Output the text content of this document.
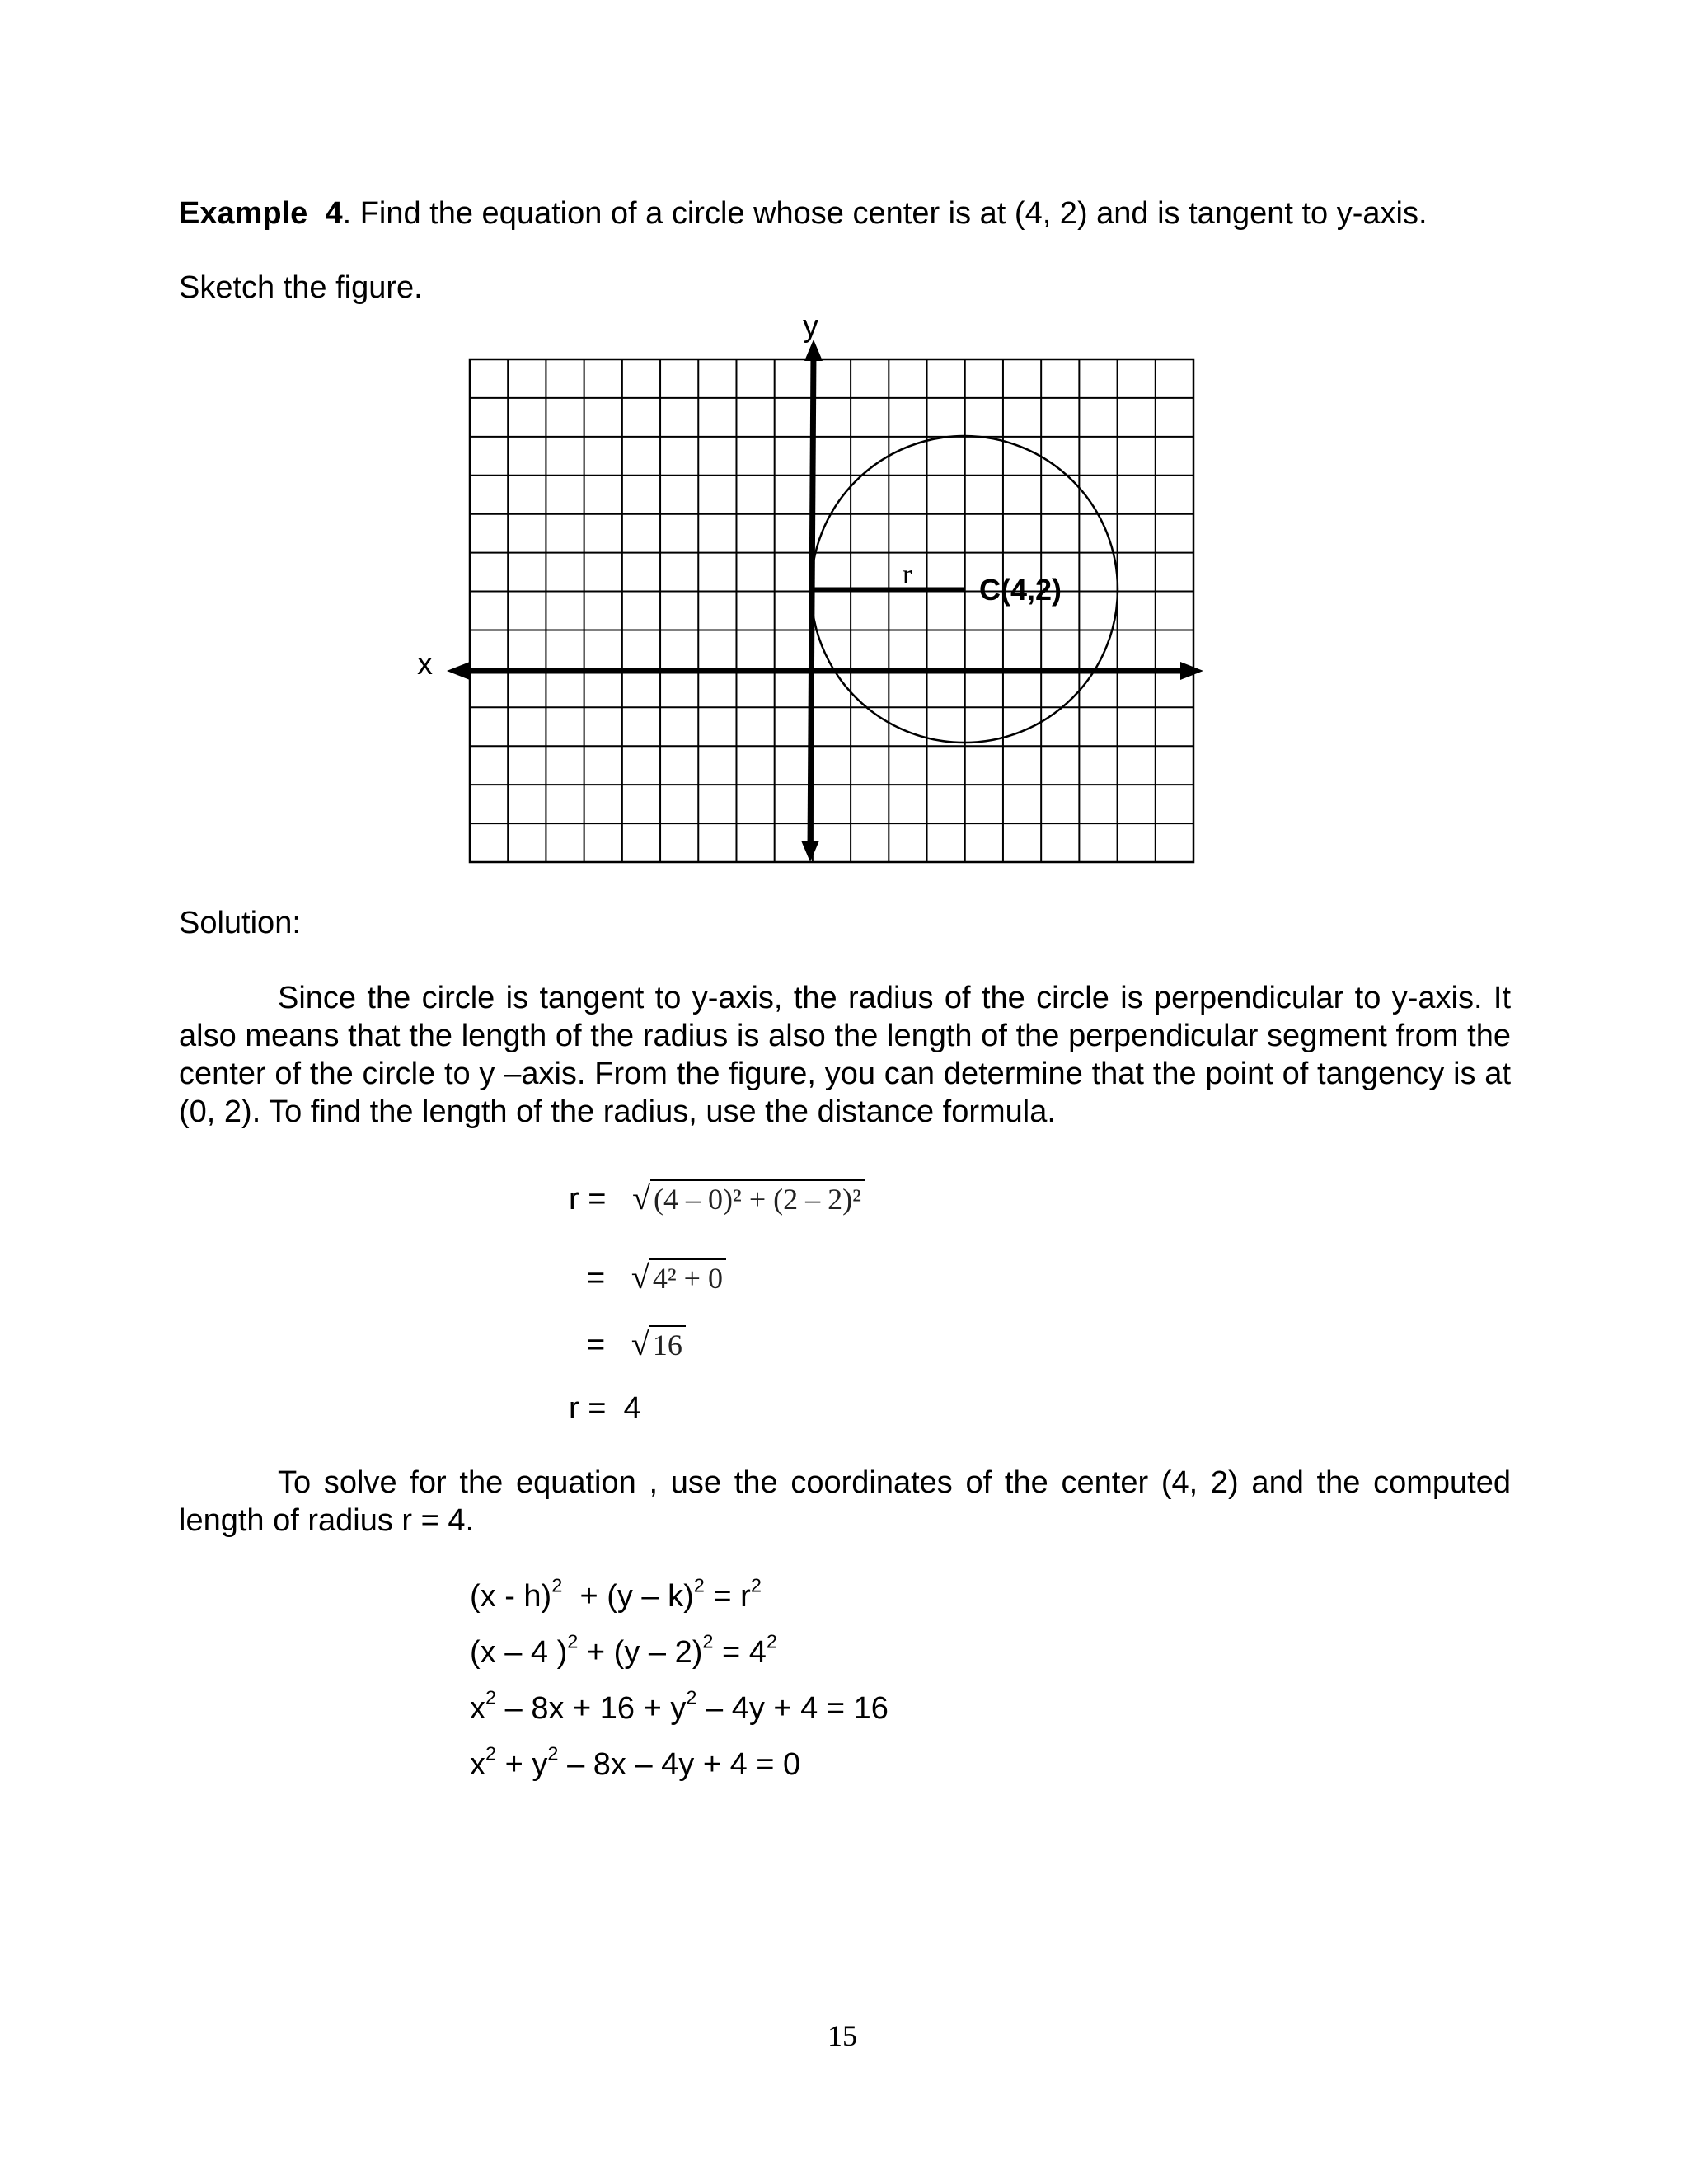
Example 4. Find the equation of a circle whose center is at (4, 2) and is tangent to y-axis.
Sketch the figure.
y
x
r C(4,2)
Solution:
Since the circle is tangent to y-axis, the radius of the circle is perpendicular to y-axis. It also means that the length of the radius is also the length of the perpendicular segment from the center of the circle to y –axis. From the figure, you can determine that the point of tangency is at (0, 2). To find the length of the radius, use the distance formula.
r = √ (4 – 0)² + (2 – 2)²
= √ 4² + 0
= √ 16
r = 4
To solve for the equation , use the coordinates of the center (4, 2) and the computed length of radius r = 4.
$(x - h)^2 + (y - k)^2 = r^2$
(x – 4 )$^2 + (y - 2)^2 = 4^2$
$x^2 - 8x + 16 + y^2 - 4y + 4 = 16$
$x^2 + y^2 - 8x - 4y + 4 = 0$
15
